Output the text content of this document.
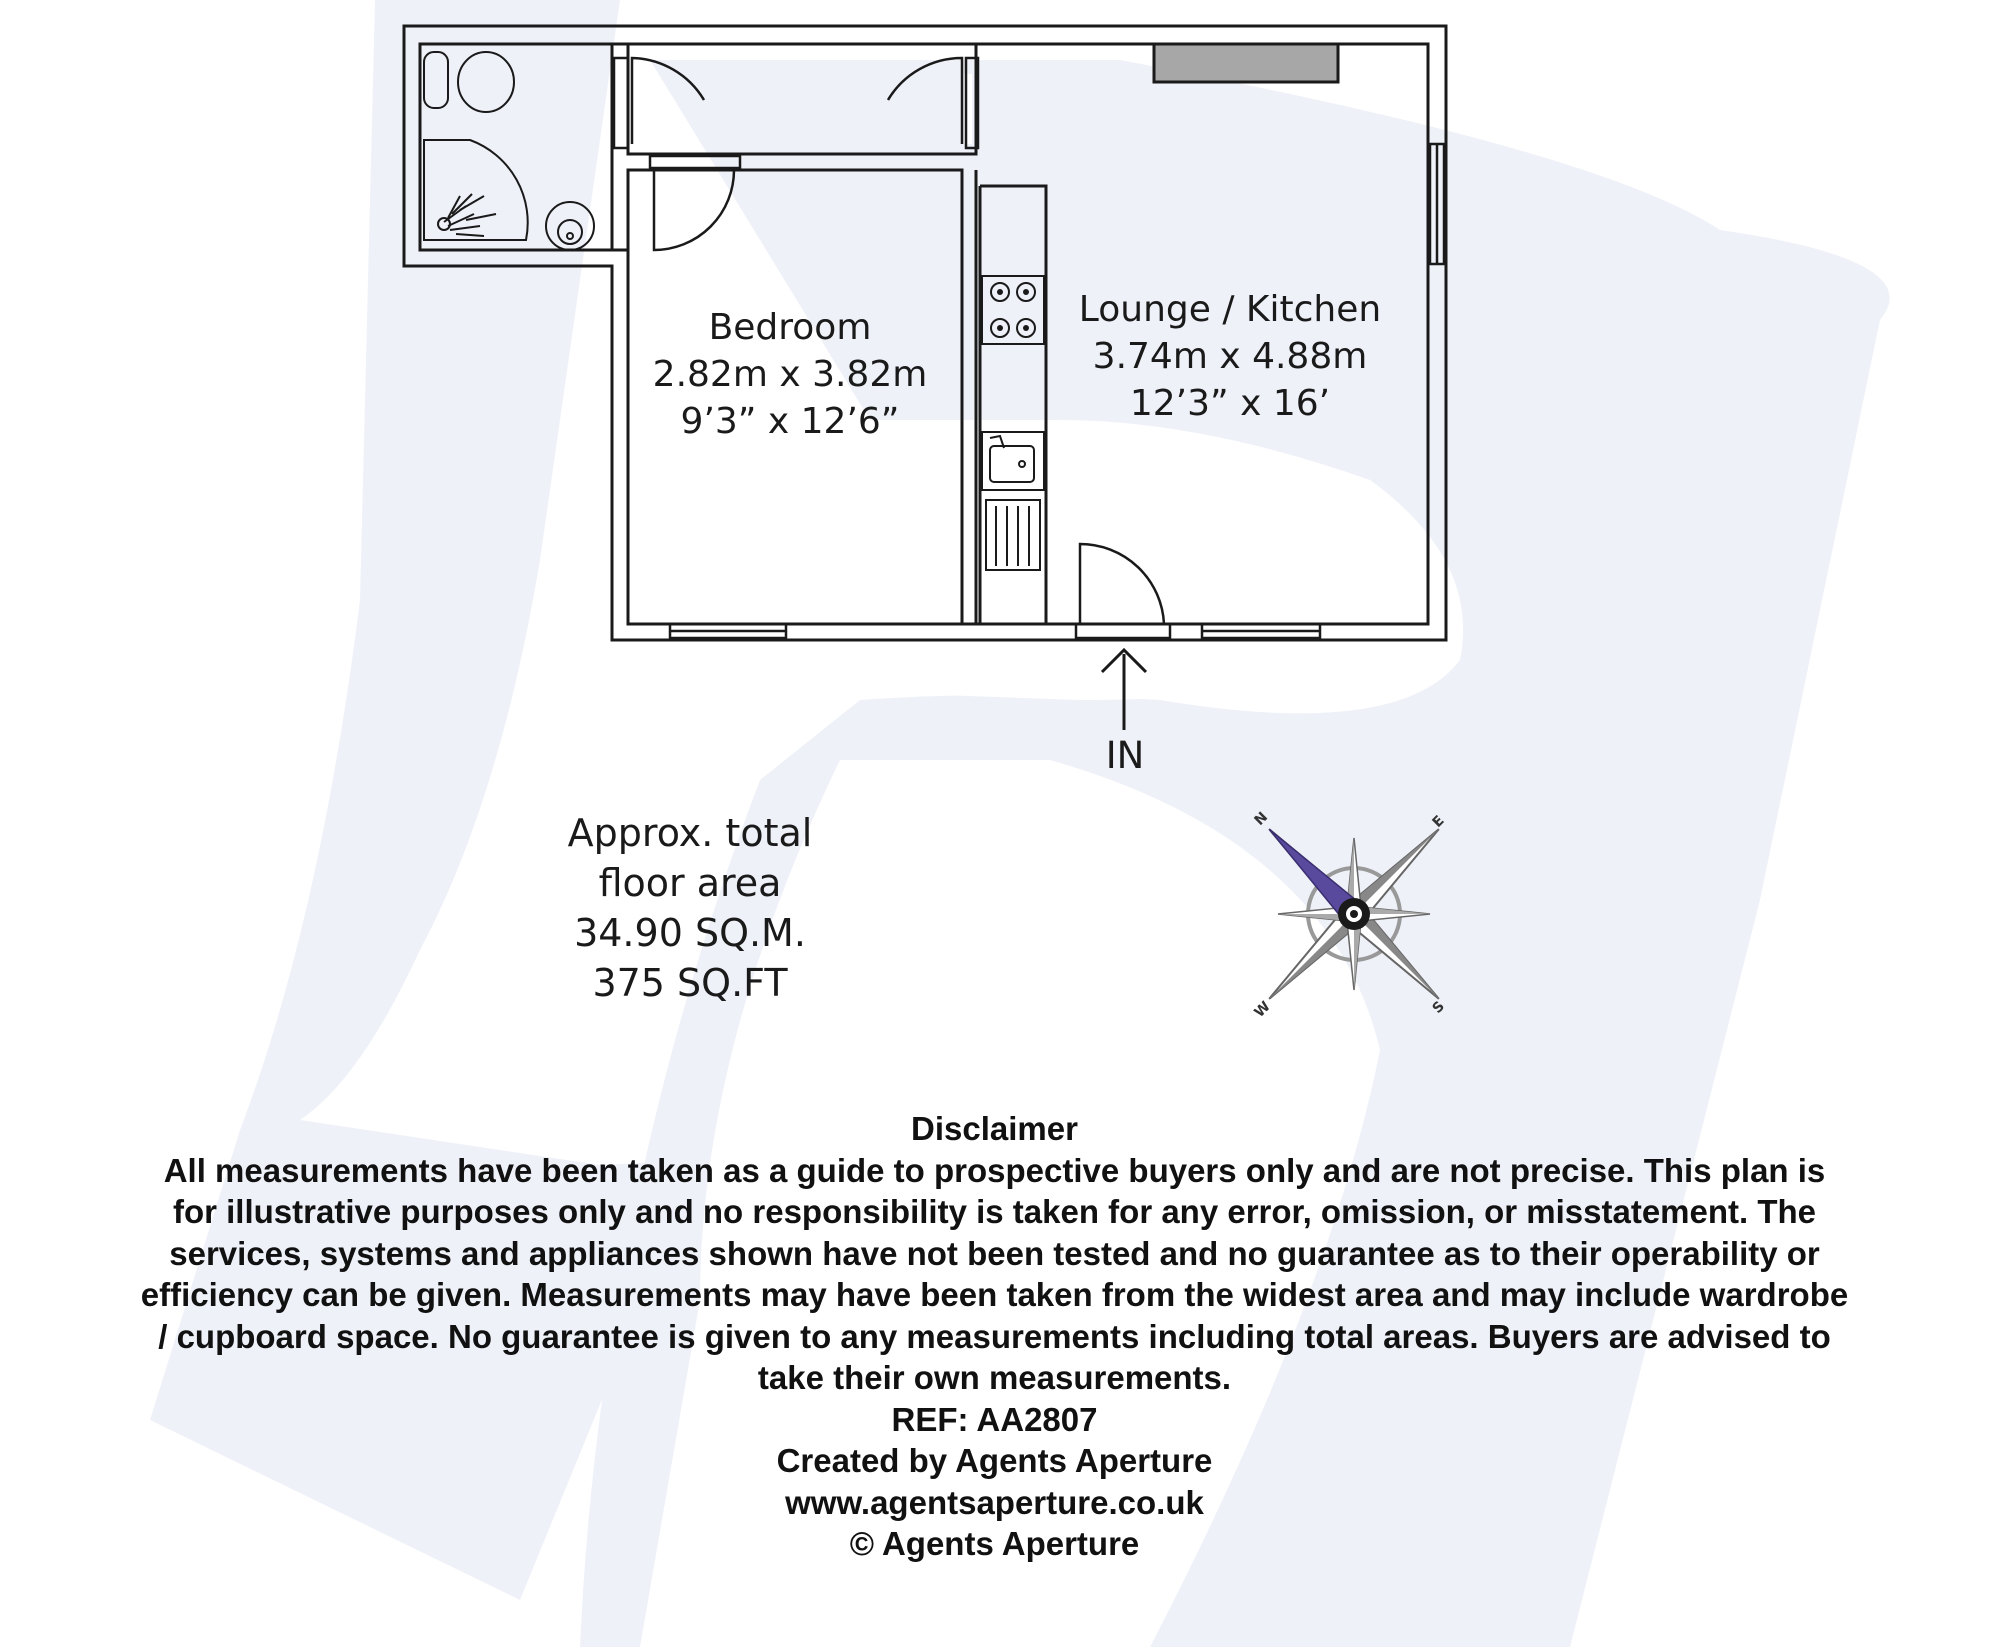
N	E
S
W
Bedroom
2.82m x 3.82m
9’3” x 12’6”
Lounge / Kitchen
3.74m x 4.88m
12’3” x 16’
IN
Approx. total
floor area
34.90 SQ.M.
375 SQ.FT
Disclaimer
All measurements have been taken as a guide to prospective buyers only and are not precise. This plan is
for illustrative purposes only and no responsibility is taken for any error, omission, or misstatement. The
services, systems and appliances shown have not been tested and no guarantee as to their operability or
efficiency can be given. Measurements may have been taken from the widest area and may include wardrobe
/ cupboard space. No guarantee is given to any measurements including total areas. Buyers are advised to
take their own measurements.
REF: AA2807
Created by Agents Aperture
www.agentsaperture.co.uk
© Agents Aperture
